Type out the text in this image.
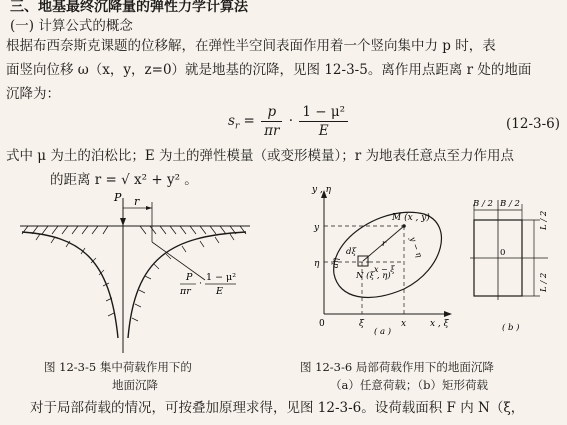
三、地基最终沉降量的弹性力学计算法
(一) 计算公式的概念
根据布西奈斯克课题的位移解，在弹性半空间表面作用着一个竖向集中力 p 时，表
面竖向位移 ω（x，y，z=0）就是地基的沉降，见图 12-3-5。离作用点距离 r 处的地面
沉降为：
$s_r = \frac{p}{\pi r} \cdot \frac{\text{1 − μ²}}{E}$	(12-3-6)
式中 μ 为土的泊松比；E 为土的弹性模量（或变形模量）；r 为地表任意点至力作用点
的距离 r = √ x² + y² 。
P r
P
πr
·
1 − μ²
E
y , η
x , ξ
M (x , y)
N (ξ , η)
dξ
dη
r
x − ξ
y − η
y
η
0	ξ	x
( a )
B / 2 B / 2
L / 2
L / 2
0
( b )
图 12-3-5 集中荷载作用下的
地面沉降
图 12-3-6 局部荷载作用下的地面沉降
（a）任意荷载；（b）矩形荷载
对于局部荷载的情况，可按叠加原理求得，见图 12-3-6。设荷载面积 F 内 N（ξ，
